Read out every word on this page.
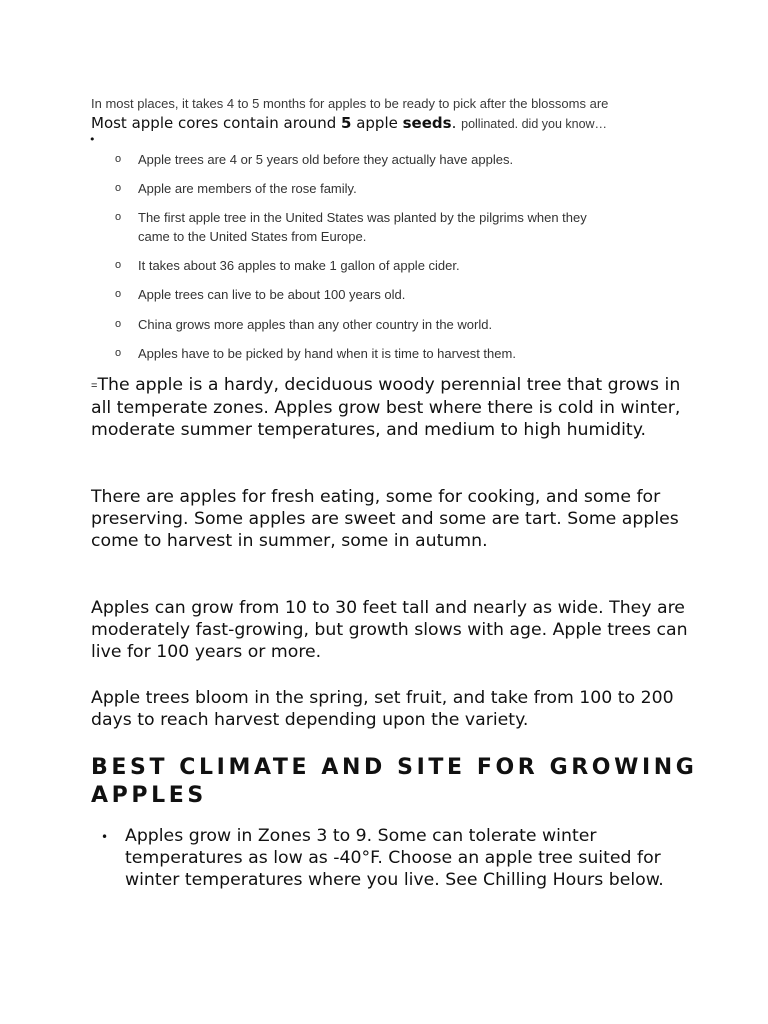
In most places, it takes 4 to 5 months for apples to be ready to pick after the blossoms are
Most apple cores contain around 5 apple seeds. pollinated. did you know…
•
o Apple trees are 4 or 5 years old before they actually have apples.
o Apple are members of the rose family.
o The first apple tree in the United States was planted by the pilgrims when they came to the United States from Europe.
o It takes about 36 apples to make 1 gallon of apple cider.
o Apple trees can live to be about 100 years old.
o China grows more apples than any other country in the world.
o Apples have to be picked by hand when it is time to harvest them.

=The apple is a hardy, deciduous woody perennial tree that grows in all temperate zones. Apples grow best where there is cold in winter, moderate summer temperatures, and medium to high humidity.

There are apples for fresh eating, some for cooking, and some for preserving. Some apples are sweet and some are tart. Some apples come to harvest in summer, some in autumn.

Apples can grow from 10 to 30 feet tall and nearly as wide. They are moderately fast-growing, but growth slows with age. Apple trees can live for 100 years or more.

Apple trees bloom in the spring, set fruit, and take from 100 to 200 days to reach harvest depending upon the variety.

BEST CLIMATE AND SITE FOR GROWING APPLES
• Apples grow in Zones 3 to 9. Some can tolerate winter temperatures as low as -40°F. Choose an apple tree suited for winter temperatures where you live. See Chilling Hours below.
